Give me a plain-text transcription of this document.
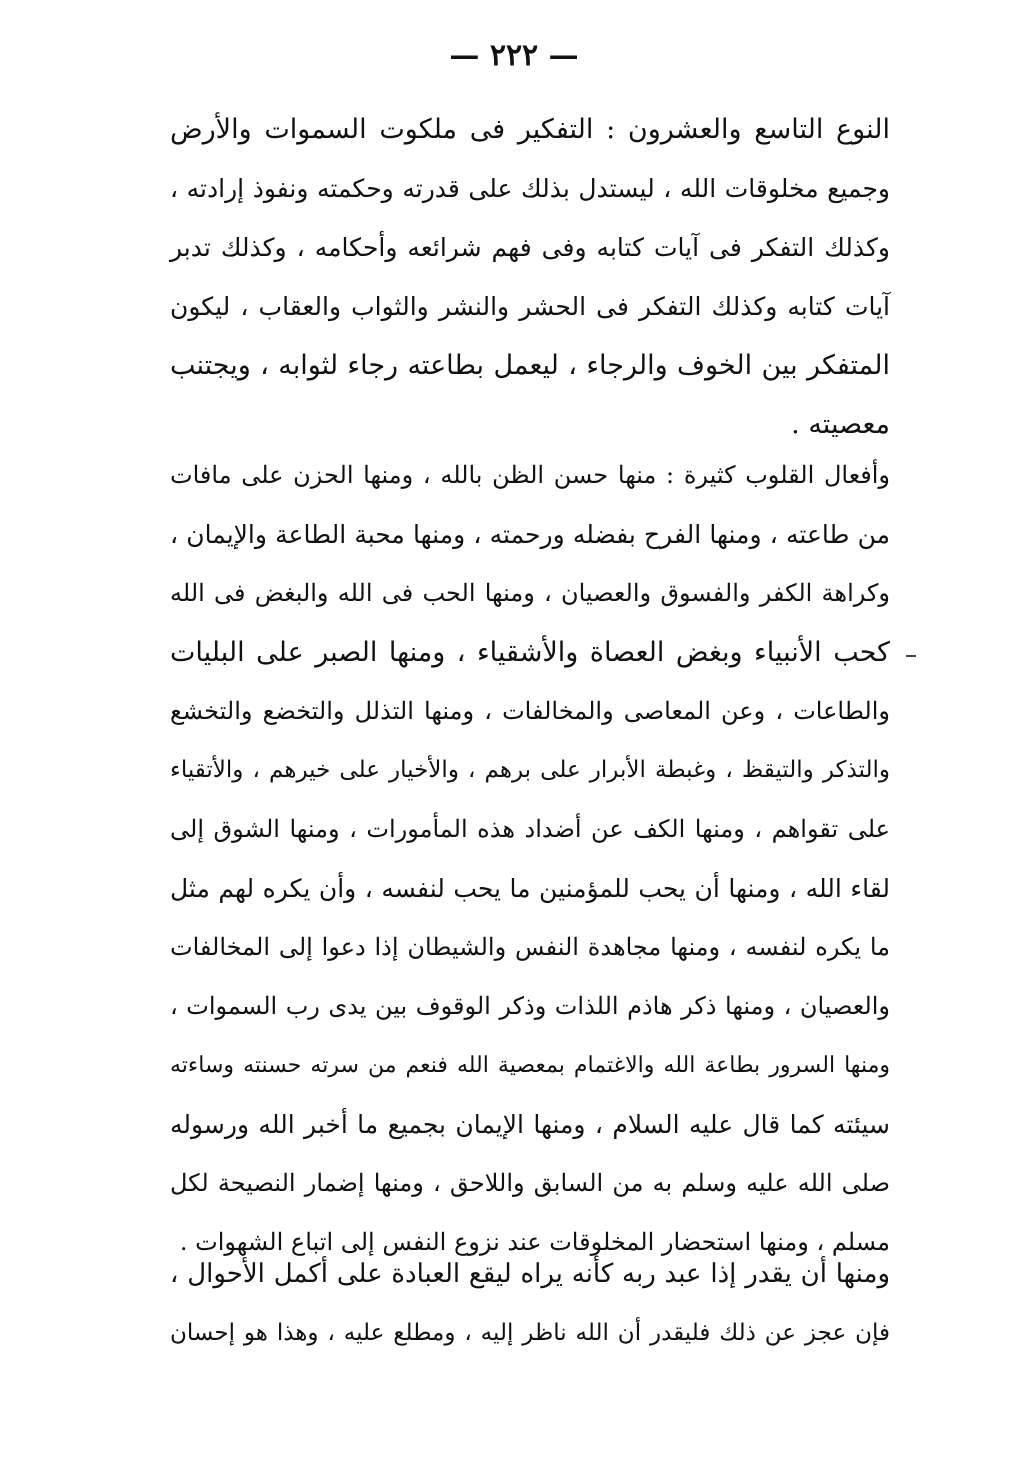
— ٢٢٢ —
النوع التاسع والعشرون : التفكير فى ملكوت السموات والأرض
وجميع مخلوقات الله ، ليستدل بذلك على قدرته وحكمته ونفوذ إرادته ،
وكذلك التفكر فى آيات كتابه وفى فهم شرائعه وأحكامه ، وكذلك تدبر
آيات كتابه وكذلك التفكر فى الحشر والنشر والثواب والعقاب ، ليكون
المتفكر بين الخوف والرجاء ، ليعمل بطاعته رجاء لثوابه ، ويجتنب
معصيته .
وأفعال القلوب كثيرة : منها حسن الظن بالله ، ومنها الحزن على مافات
من طاعته ، ومنها الفرح بفضله ورحمته ، ومنها محبة الطاعة والإيمان ،
وكراهة الكفر والفسوق والعصيان ، ومنها الحب فى الله والبغض فى الله
كحب الأنبياء وبغض العصاة والأشقياء ، ومنها الصبر على البليات
والطاعات ، وعن المعاصى والمخالفات ، ومنها التذلل والتخضع والتخشع
والتذكر والتيقظ ، وغبطة الأبرار على برهم ، والأخيار على خيرهم ، والأتقياء
على تقواهم ، ومنها الكف عن أضداد هذه المأمورات ، ومنها الشوق إلى
لقاء الله ، ومنها أن يحب للمؤمنين ما يحب لنفسه ، وأن يكره لهم مثل
ما يكره لنفسه ، ومنها مجاهدة النفس والشيطان إذا دعوا إلى المخالفات
والعصيان ، ومنها ذكر هاذم اللذات وذكر الوقوف بين يدى رب السموات ،
ومنها السرور بطاعة الله والاغتمام بمعصية الله فنعم من سرته حسنته وساءته
سيئته كما قال عليه السلام ، ومنها الإيمان بجميع ما أخبر الله ورسوله
صلى الله عليه وسلم به من السابق واللاحق ، ومنها إضمار النصيحة لكل
مسلم ، ومنها استحضار المخلوقات عند نزوع النفس إلى اتباع الشهوات .
ومنها أن يقدر إذا عبد ربه كأنه يراه ليقع العبادة على أكمل الأحوال ،
فإن عجز عن ذلك فليقدر أن الله ناظر إليه ، ومطلع عليه ، وهذا هو إحسان
